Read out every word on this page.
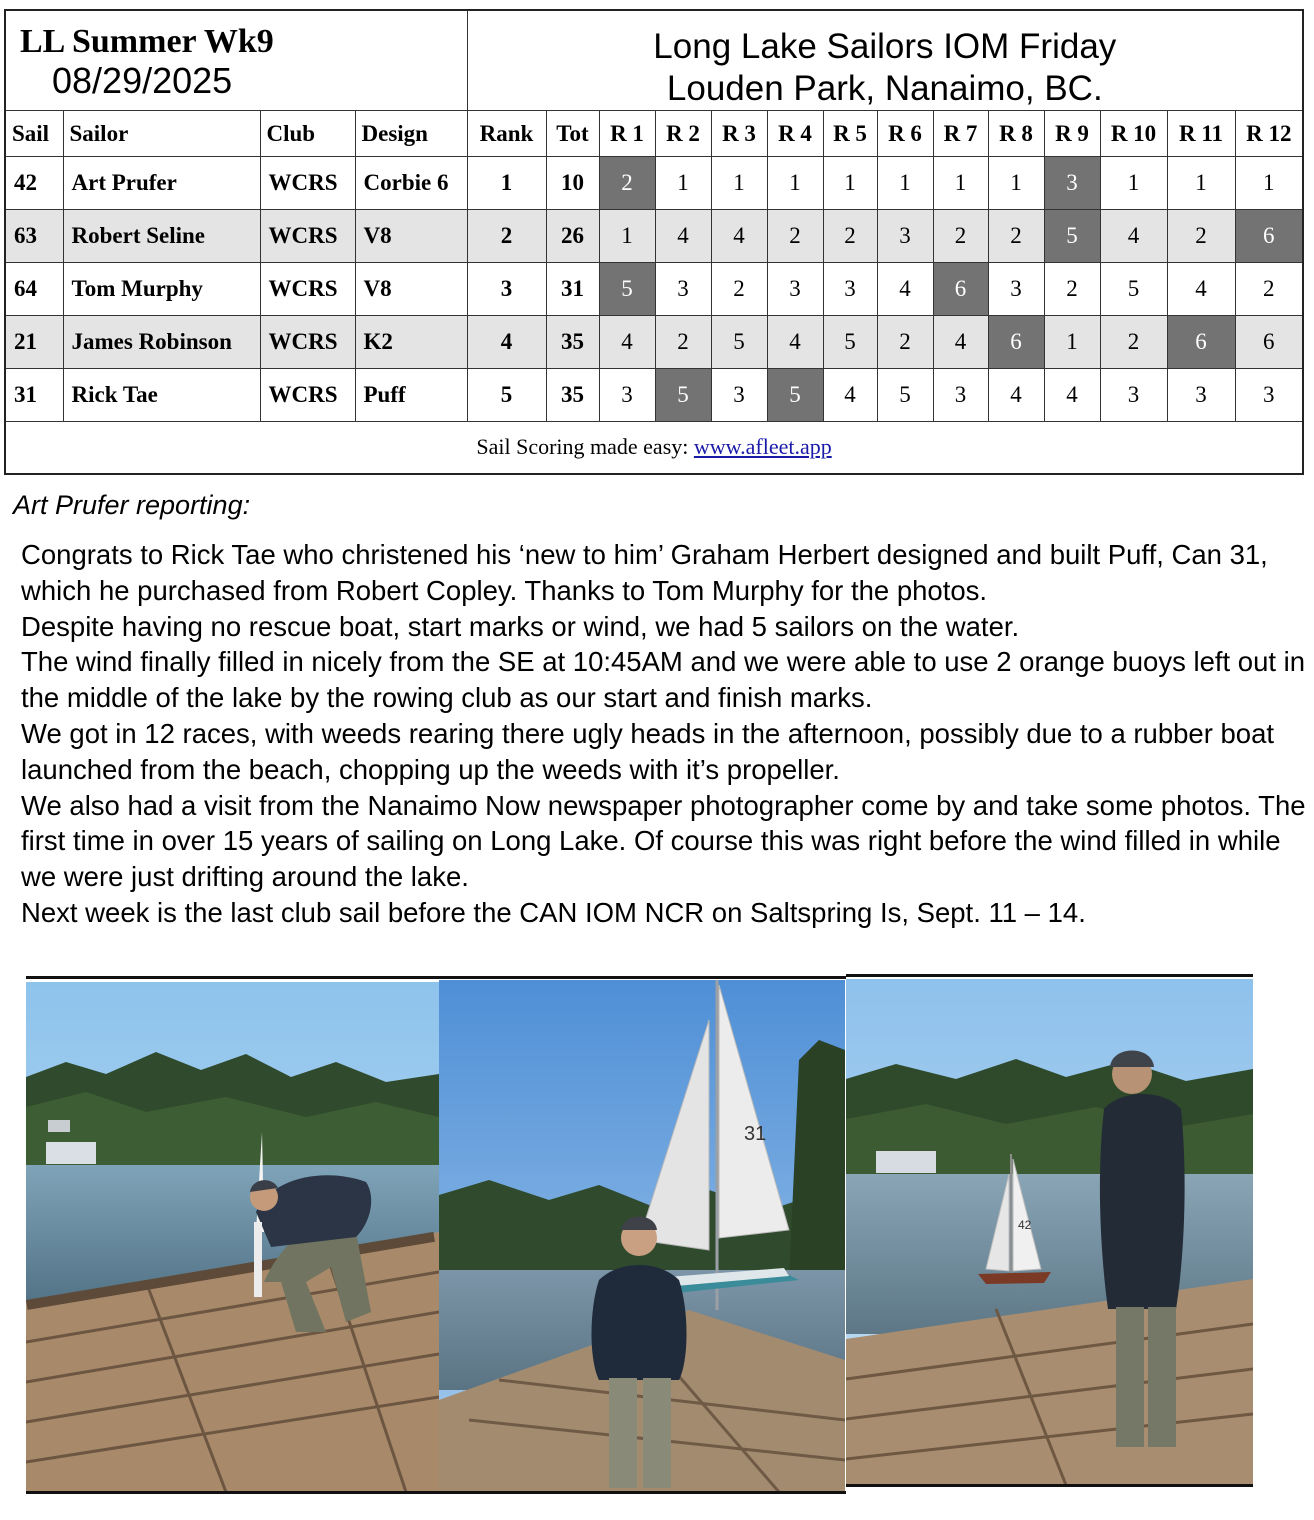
LL Summer Wk9
08/29/2025				Long Lake Sailors IOM Friday
Louden Park, Nanaimo, BC.													

Sail	Sailor	Club	Design	Rank	Tot	R 1	R 2	R 3	R 4	R 5	R 6	R 7	R 8	R 9	R 10	R 11	R 12
42	Art Prufer	WCRS	Corbie 6	1	10	2	1	1	1	1	1	1	1	3	1	1	1
63	Robert Seline	WCRS	V8	2	26	1	4	4	2	2	3	2	2	5	4	2	6
64	Tom Murphy	WCRS	V8	3	31	5	3	2	3	3	4	6	3	2	5	4	2
21	James Robinson	WCRS	K2	4	35	4	2	5	4	5	2	4	6	1	2	6	6
31	Rick Tae	WCRS	Puff	5	35	3	5	3	5	4	5	3	4	4	3	3	3
Sail Scoring made easy: www.afleet.app																	
Art Prufer reporting:

Congrats to Rick Tae who christened his ‘new to him’ Graham Herbert designed and built Puff, Can 31, which he purchased from Robert Copley. Thanks to Tom Murphy for the photos.

Despite having no rescue boat, start marks or wind, we had 5 sailors on the water.

The wind finally filled in nicely from the SE at 10:45AM and we were able to use 2 orange buoys left out in the middle of the lake by the rowing club as our start and finish marks.

We got in 12 races, with weeds rearing there ugly heads in the afternoon, possibly due to a rubber boat launched from the beach, chopping up the weeds with it’s propeller.

We also had a visit from the Nanaimo Now newspaper photographer come by and take some photos. The first time in over 15 years of sailing on Long Lake. Of course this was right before the wind filled in while we were just drifting around the lake.

Next week is the last club sail before the CAN IOM NCR on Saltspring Is, Sept. 11 – 14.

31
42
